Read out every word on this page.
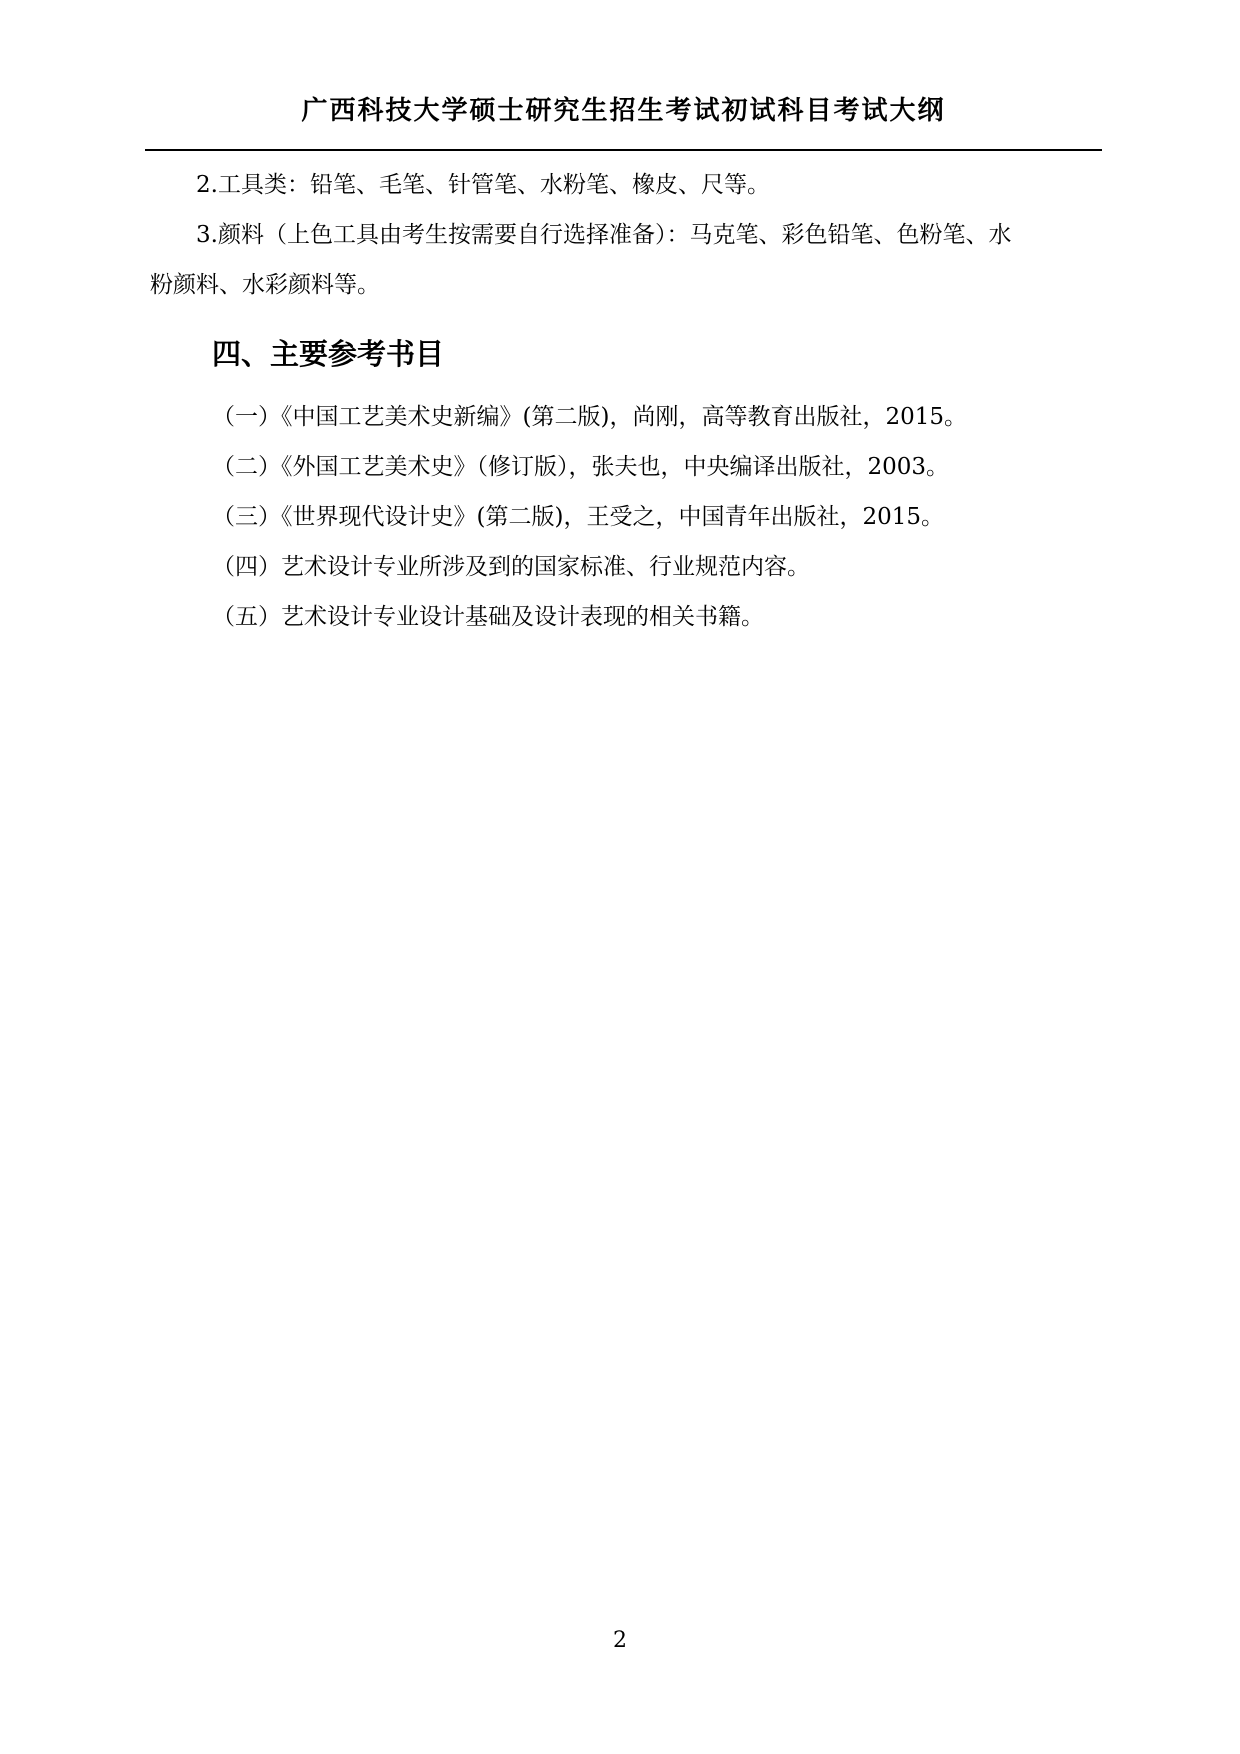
广西科技大学硕士研究生招生考试初试科目考试大纲
2.工具类：铅笔、毛笔、针管笔、水粉笔、橡皮、尺等。
3.颜料（上色工具由考生按需要自行选择准备）：马克笔、彩色铅笔、色粉笔、水
粉颜料、水彩颜料等。
四、主要参考书目
（一）《中国工艺美术史新编》(第二版)，尚刚，高等教育出版社，2015。
（二）《外国工艺美术史》（修订版），张夫也，中央编译出版社，2003。
（三）《世界现代设计史》(第二版)，王受之，中国青年出版社，2015。
（四）艺术设计专业所涉及到的国家标准、行业规范内容。
（五）艺术设计专业设计基础及设计表现的相关书籍。
2
